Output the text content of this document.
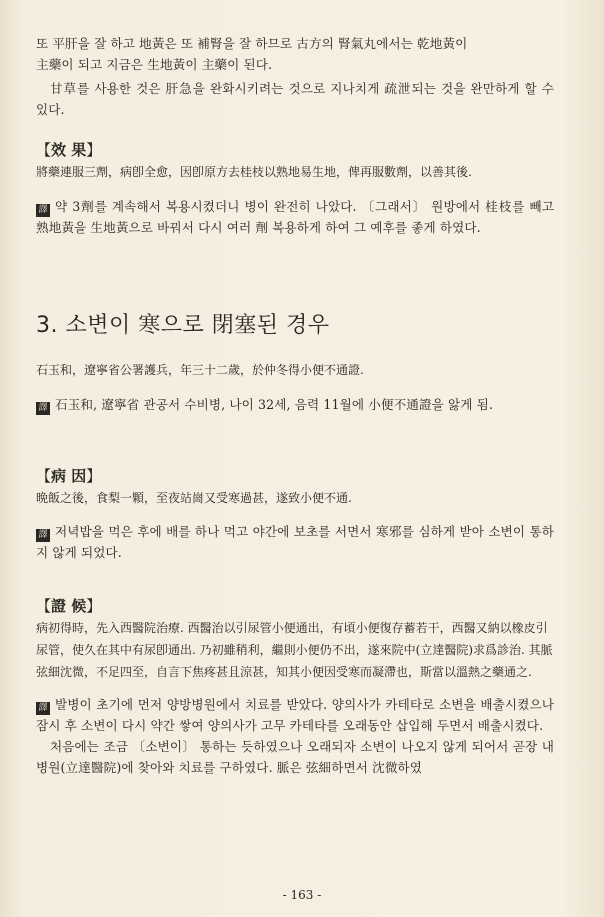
또 平肝을 잘 하고 地黃은 또 補腎을 잘 하므로 古方의 腎氣丸에서는 乾地黃이

主藥이 되고 지금은 生地黃이 主藥이 된다.

甘草를 사용한 것은 肝急을 완화시키려는 것으로 지나치게 疏泄되는 것을 완만하게 할 수 있다.

【效 果】

將藥連服三劑，病卽全愈，因卽原方去桂枝以熟地易生地，俾再服數劑，以善其後.

譯 약 3劑를 계속해서 복용시켰더니 병이 완전히 나았다. 〔그래서〕 원방에서 桂枝를 빼고 熟地黃을 生地黃으로 바꿔서 다시 여러 劑 복용하게 하여 그 예후를 좋게 하였다.

3. 소변이 寒으로 閉塞된 경우

石玉和，遼寧省公署護兵，年三十二歲，於仲冬得小便不通證.

譯 石玉和, 遼寧省 관공서 수비병, 나이 32세, 음력 11월에 小便不通證을 앓게 됨.

【病 因】

晩飯之後，食梨一顆，至夜站崗又受寒過甚，遂致小便不通.

譯 저녁밥을 먹은 후에 배를 하나 먹고 야간에 보초를 서면서 寒邪를 심하게 받아 소변이 통하지 않게 되었다.

【證 候】

病初得時，先入西醫院治療. 西醫治以引尿管小便通出，有頃小便復存蓄若干，西醫又納以橡皮引尿管，使久在其中有尿卽通出. 乃初雖稍利，繼則小便仍不出，遂來院中(立達醫院)求爲診治. 其脈弦細沈微，不足四至，自言下焦疼甚且涼甚，知其小便因受寒而凝滯也，斯當以溫熱之藥通之.

譯 발병이 초기에 먼저 양방병원에서 치료를 받았다. 양의사가 카테타로 소변을 배출시켰으나 잠시 후 소변이 다시 약간 쌓여 양의사가 고무 카테타를 오래동안 삽입해 두면서 배출시켰다.

처음에는 조금 〔소변이〕 통하는 듯하였으나 오래되자 소변이 나오지 않게 되어서 곧장 내 병원(立達醫院)에 찾아와 치료를 구하였다. 脈은 弦細하면서 沈微하였

- 163 -
